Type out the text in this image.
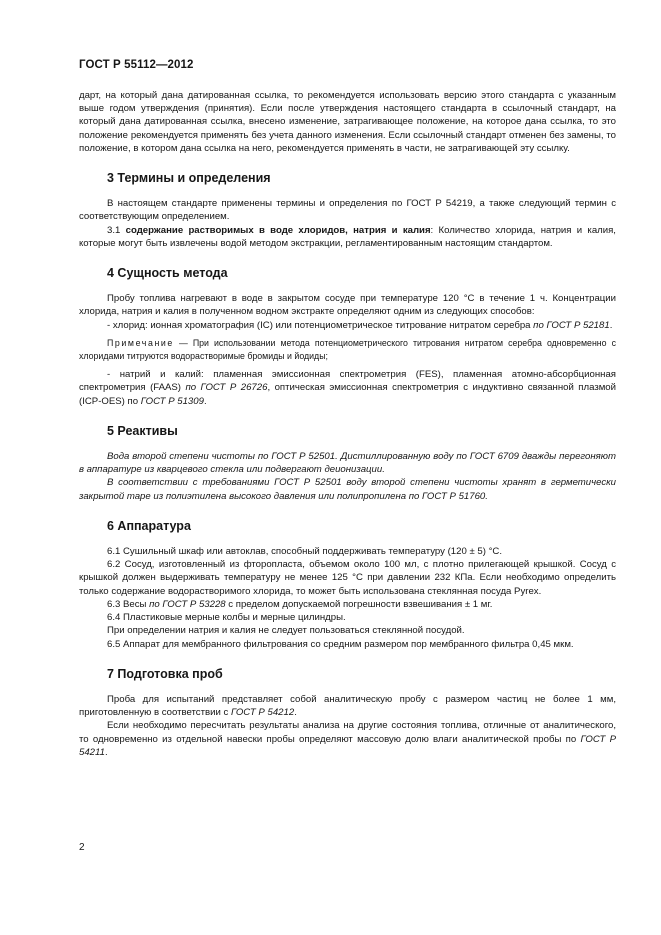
ГОСТ Р 55112—2012

дарт, на который дана датированная ссылка, то рекомендуется использовать версию этого стандарта с указанным выше годом утверждения (принятия). Если после утверждения настоящего стандарта в ссылочный стандарт, на который дана датированная ссылка, внесено изменение, затрагивающее положение, на которое дана ссылка, то это положение рекомендуется применять без учета данного изменения. Если ссылочный стандарт отменен без замены, то положение, в котором дана ссылка на него, рекомендуется применять в части, не затрагивающей эту ссылку.

3 Термины и определения

В настоящем стандарте применены термины и определения по ГОСТ Р 54219, а также следующий термин с соответствующим определением.

3.1 содержание растворимых в воде хлоридов, натрия и калия: Количество хлорида, натрия и калия, которые могут быть извлечены водой методом экстракции, регламентированным настоящим стандартом.

4 Сущность метода

Пробу топлива нагревают в воде в закрытом сосуде при температуре 120 °С в течение 1 ч. Концентрации хлорида, натрия и калия в полученном водном экстракте определяют одним из следующих способов:

- хлорид: ионная хроматография (IC) или потенциометрическое титрование нитратом серебра по ГОСТ Р 52181.

Примечание — При использовании метода потенциометрического титрования нитратом серебра одновременно с хлоридами титруются водорастворимые бромиды и йодиды;

- натрий и калий: пламенная эмиссионная спектрометрия (FES), пламенная атомно-абсорбционная спектрометрия (FAAS) по ГОСТ Р 26726, оптическая эмиссионная спектрометрия с индуктивно связанной плазмой (ICP-OES) по ГОСТ Р 51309.

5 Реактивы

Вода второй степени чистоты по ГОСТ Р 52501. Дистиллированную воду по ГОСТ 6709 дважды перегоняют в аппаратуре из кварцевого стекла или подвергают деионизации.

В соответствии с требованиями ГОСТ Р 52501 воду второй степени чистоты хранят в герметически закрытой таре из полиэтилена высокого давления или полипропилена по ГОСТ Р 51760.

6 Аппаратура

6.1 Сушильный шкаф или автоклав, способный поддерживать температуру (120 ± 5) °С.

6.2 Сосуд, изготовленный из фторопласта, объемом около 100 мл, с плотно прилегающей крышкой. Сосуд с крышкой должен выдерживать температуру не менее 125 °С при давлении 232 КПа. Если необходимо определить только содержание водорастворимого хлорида, то может быть использована стеклянная посуда Pyrex.

6.3 Весы по ГОСТ Р 53228 с пределом допускаемой погрешности взвешивания ± 1 мг.

6.4 Пластиковые мерные колбы и мерные цилиндры.

При определении натрия и калия не следует пользоваться стеклянной посудой.

6.5 Аппарат для мембранного фильтрования со средним размером пор мембранного фильтра 0,45 мкм.

7 Подготовка проб

Проба для испытаний представляет собой аналитическую пробу с размером частиц не более 1 мм, приготовленную в соответствии с ГОСТ Р 54212.

Если необходимо пересчитать результаты анализа на другие состояния топлива, отличные от аналитического, то одновременно из отдельной навески пробы определяют массовую долю влаги аналитической пробы по ГОСТ Р 54211.

2
